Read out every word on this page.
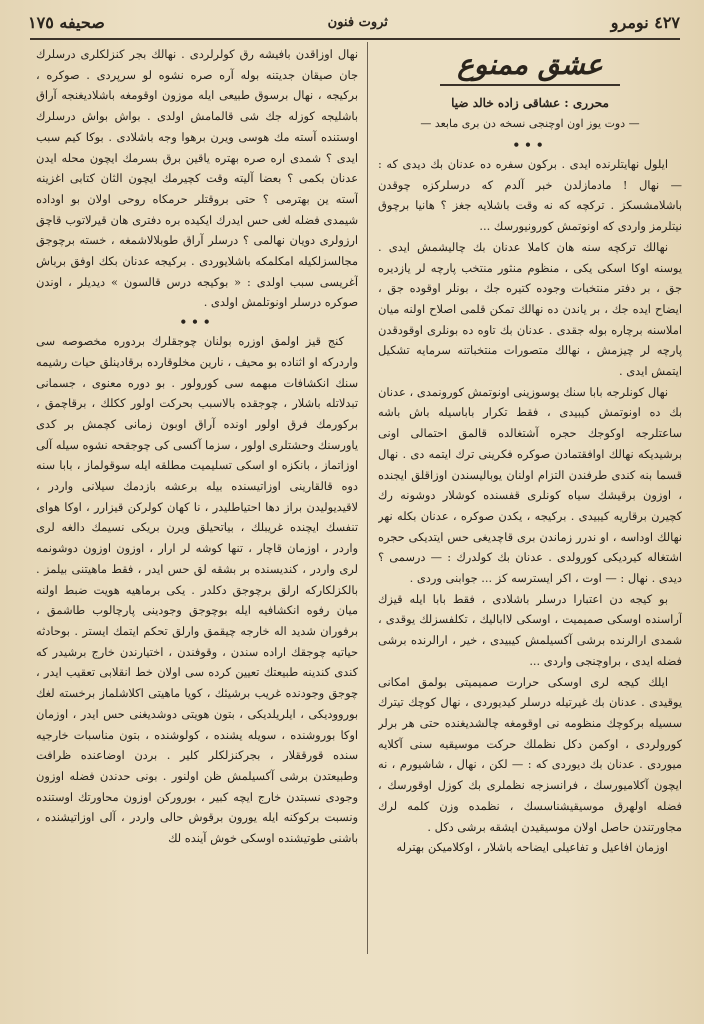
٤٢٧ نومرو
ثروت فنون
صحیفه ١٧٥
عشق ممنوع
محرری : عشاقی زاده خالد ضیا
— دوت یوز اون اوچنجی نسخه دن بری مابعد —
•••

ایلول نهایتلرنده ایدی . برکون سفره ده عدنان بك دیدی که : — نهال ! مادمازلدن خبر آلدم که درسلرکزه چوقدن باشلامشسکز . ترکچه که نه وقت باشلایه جغز ؟ هانیا برچوق نیتلرمز واردی که اونوتمش کورونیورسك ...

نهالك ترکچه سنه هان کاملا عدنان بك چالیشمش ایدی . یوسنه اوکا اسکی یکی ، منظوم منثور منتخب پارچه لر یازدیره جق ، بر دفتر منتخبات وجوده کتیره جك ، بونلر اوقوده جق ، ایضاح ایده جك ، بر یاندن ده نهالك تمکن قلمی اصلاح اولنه میان املاسنه برچاره بوله جقدی . عدنان بك تاوه ده بونلری اوقودقدن پارچه لر چیزمش ، نهالك متصورات منتخباتنه سرمایه تشکیل ایتمش ایدی .

نهال کونلرجه بابا سنك یوسوزینی اونوتمش کورونمدی ، عدنان بك ده اونوتمش کیبیدی ، فقط تکرار باباسیله باش باشه ساعتلرجه اوکوجك حجره آشتغالده قالمق احتمالی اونی برشیدیکه نهالك اوافقتمادن صوکره فکرینی ترك ایتمه دی . نهال قسما بنه کندی طرفندن التزام اولنان یوبالیسندن اوزاقلق ایجنده ، اوزون برقیشك سیاه کونلری قفسنده کوشلار دوشونه رك کچیرن برقاریه کیبیدی . برکیجه ، یکدن صوکره ، عدنان بکله نهر نهالك اوداسه ، او ندرر زماندن بری قاچدیغی حس ایتدیکی حجره اشتغاله کیردیکی کورولدی . عدنان بك کولدرك : — درسمی ؟ دیدی . نهال : — اوت ، اکر ایسترسه کز ... جوابنی وردی .

بو کیجه دن اعتبارا درسلر باشلادی ، فقط بابا ایله قیزك آراسنده اوسکی صمیمیت ، اوسکی لاابالیك ، تکلفسزلك یوقدی ، شمدی ارالرنده برشی آکسیلمش کیبیدی ، خیر ، ارالرنده برشی فضله ایدی ، براوچنجی واردی ...

ایلك کیجه لری اوسکی حرارت صمیمیتی بولمق امکانی یوقیدی . عدنان بك غیرتیله درسلر کیدیوردی ، نهال کوچك تیترك سسیله برکوچك منظومه نی اوقومغه چالشدیغنده حتی هر برلر کورولردی ، اوکمن دکل نظملك حرکت موسیقیه سنی آکلایه میوردی . عدنان بك دیوردی که : — لکن ، نهال ، شاشیورم ، نه ایچون آکلامیورسك ، فرانسزجه نظملری بك کوزل اوقورسك ، فضله اولهرق موسیقیشناسسك ، نظمده وزن کلمه لرك مجاورتندن حاصل اولان موسیقیدن ایشقه برشی دکل .

اوزمان افاعیل و تفاعیلی ایضاحه باشلار ، اوکلامیکن بهترله

نهال اوزاقدن بافیشه رق کولرلردی . نهالك بجر کنزلکلری درسلرك جان صیقان جدیتنه بوله آره صره نشوه لو سرپردی . صوکره ، برکیجه ، نهال برسوق طبیعی ایله موزون اوقومغه باشلادیغنجه آراق باشلیجه کوزله جك شی قالمامش اولدی . بواش بواش درسلرك اوستنده آسته مك هوسی ویرن برهوا وجه باشلادی . بوکا کیم سبب ایدی ؟ شمدی اره صره بهتره یاقین برق بسرمك ایچون محله ایدن عدنان بکمی ؟ بعضا آلیته وقت کچیرمك ایچون الثان کتابی اغزینه آسته ین بهترمی ؟ حتی بروقتلر حرمکاه روحی اولان بو اوداده شیمدی فضله لغی حس ایدرك ایکیده بره دفتری هان قیرلاتوب قاچق ارزولری دویان نهالمی ؟ درسلر آراق طوبلالاشمغه ، خسته برچوجق مجالسزلکیله امکلمکه باشلایوردی . برکیجه عدنان بکك اوفق برباش آغریسی سبب اولدی : « بوکیجه درس قالسون » دیدیلر ، اوندن صوکره درسلر اونوتلمش اولدی .

•••

کنج قیز اولمق اوزره بولنان چوجقلرك بردوره مخصوصه سی واردرکه او اثناده بو محیف ، نارین مخلوقارده برقادینلق حیات رشیمه سنك انکشافات مبهمه سی کورولور . بو دوره معنوی ، جسمانی تبدلاتله باشلار ، چوجقده بالاسبب بحرکت اولور ککلك ، برقاچمق ، برکورمك فرق اولور اونده آراق اوبون زمانی کچمش بر کدی یاورسنك وحشتلری اولور ، سزما آکسی کی چوجقحه نشوه سیله آلی اوزاتماز ، بانکزه او اسکی تسلیمیت مطلقه ایله سوقولماز ، بابا سنه دوه قالقارینی اوزاتیسنده بیله برعشه بازدمك سیلانی واردر ، لاقیدیولیدن براز دها احتیاطلیدر ، نا کهان کولرکن قیزارر ، اوکا هوای تنفسك ایچنده غریبلك ، بیاتحیلق ویرن بریکی نسیمك دالغه لری واردر ، اوزمان قاچار ، تنها کوشه لر ارار ، اوزون اوزون دوشونمه لری واردر ، کندیسنده بر بشقه لق حس ایدر ، فقط ماهیتنی بیلمز . بالکزلکارکه ارلق برچوجق دکلدر . یکی برماهیه هویت ضبط اولنه میان رفوه انکشافیه ایله بوچوجق وجودینی پارچالوب طاشمق ، برفوران شدید اله خارجه چیقمق وارلق تحکم ایتمك ایستر . بوحادثه حیاتیه چوجقك اراده سندن ، وقوفندن ، اختیارندن خارج برشیدر که کندی کندینه طبیعتك تعیین کرده سی اولان خط انقلابی تعقیب ایدر ، چوجق وجودنده غریب برشیئك ، کویا ماهیتی اکلاشلماز برخسته لغك بوروودیکی ، ایلریلدیکی ، بتون هویتی دوشدیغنی حس ایدر ، اوزمان اوکا بوروشنده ، سویله یشنده ، کولوشنده ، بتون مناسبات خارجیه سنده قورققلار ، بجرکنزلکلر کلیر . بردن اوضاعنده ظرافت وطبیعتدن برشی آکسیلمش ظن اولنور . بونی حدندن فضله اوزون وجودی نسبتدن خارج ایچه کبیر ، بورورکن اوزون محاورتك اوستنده ونسبت برکوکنه ایله یورون برقوش حالی واردر ، آلی اوزاتیشنده ، باشنی طوتیشنده اوسکی خوش آینده لك
